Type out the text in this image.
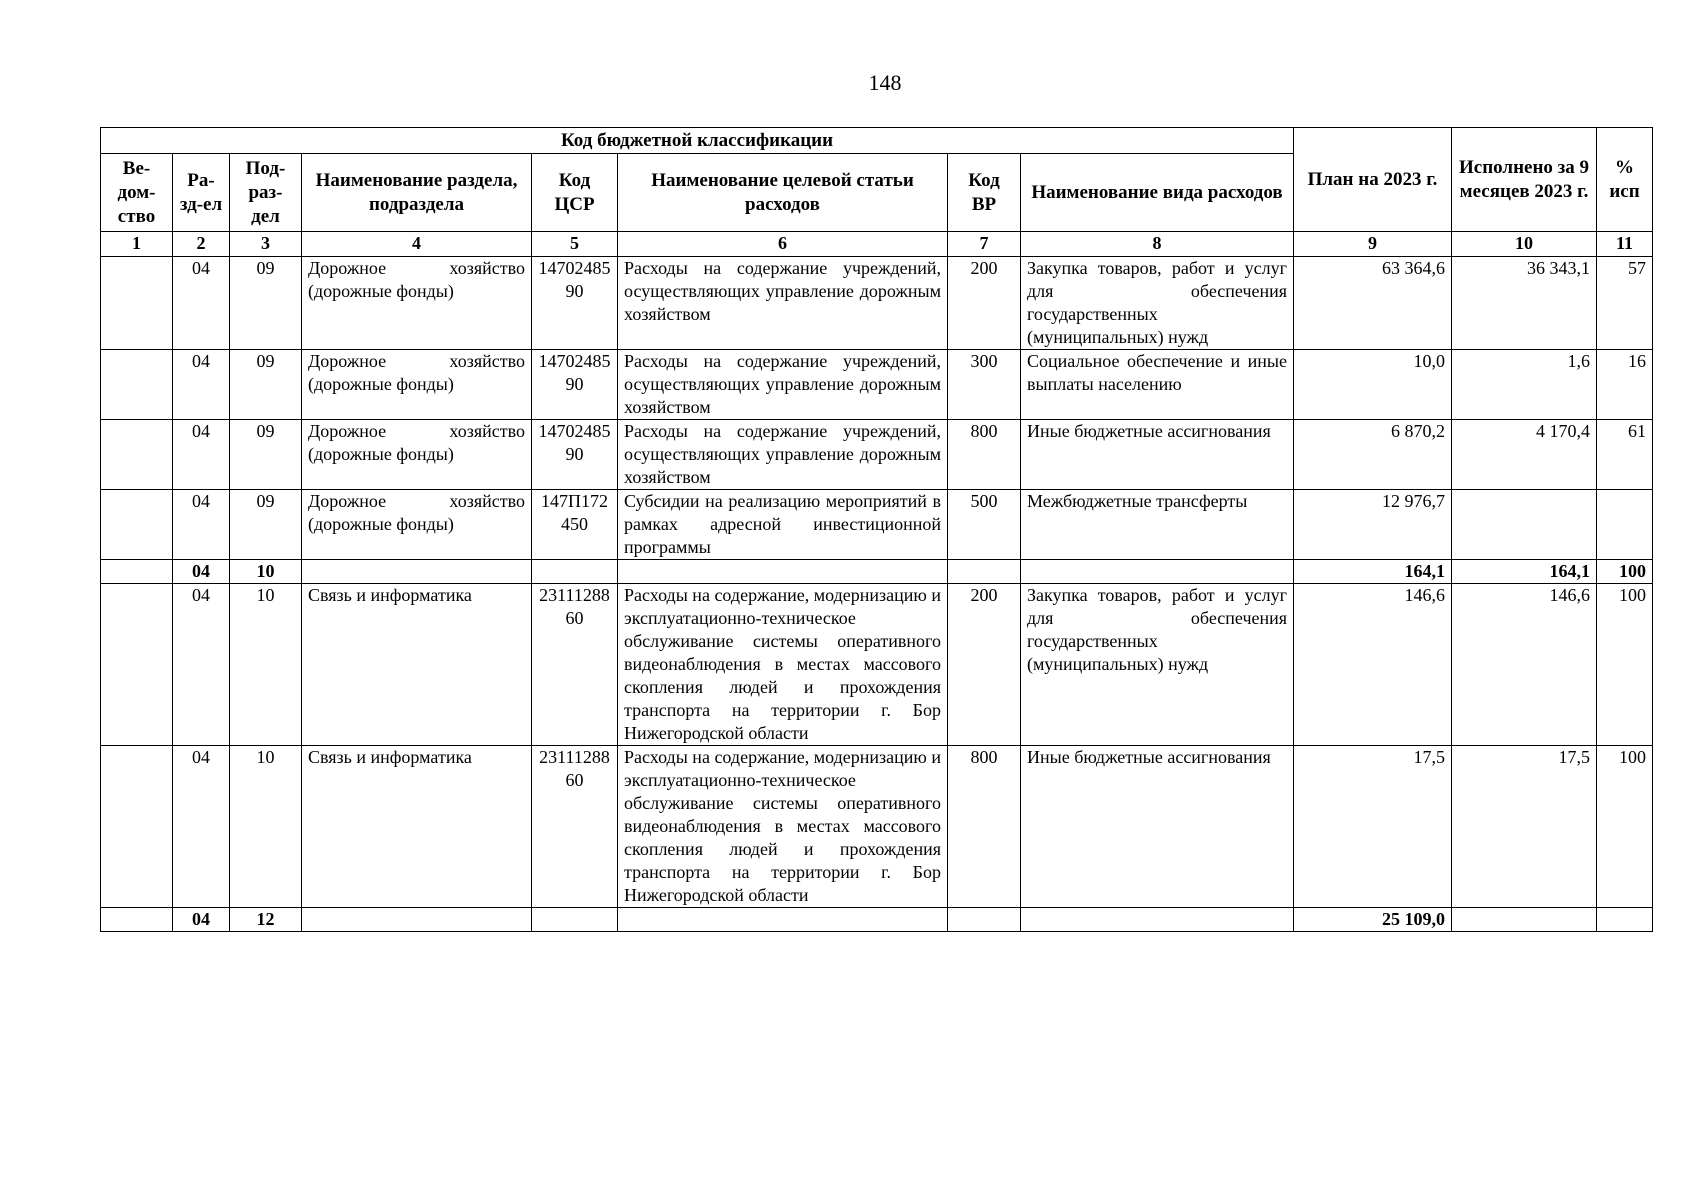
148
Код бюджетной классификации								План на 2023 г.	Исполнено за 9 месяцев 2023 г.	% исп
Ве-дом-ство	Ра-зд-ел	Под-раз-дел	Наименование раздела, подраздела	Код ЦСР	Наименование целевой статьи расходов	Код ВР	Наименование вида расходов			
1	2	3	4	5	6	7	8	9	10	11
	04	09	Дорожное хозяйство (дорожные фонды)	1470248590	Расходы на содержание учреждений, осуществляющих управление дорожным хозяйством	200	Закупка товаров, работ и услуг для обеспечения государственных (муниципальных) нужд	63 364,6	36 343,1	57
	04	09	Дорожное хозяйство (дорожные фонды)	1470248590	Расходы на содержание учреждений, осуществляющих управление дорожным хозяйством	300	Социальное обеспечение и иные выплаты населению	10,0	1,6	16
	04	09	Дорожное хозяйство (дорожные фонды)	1470248590	Расходы на содержание учреждений, осуществляющих управление дорожным хозяйством	800	Иные бюджетные ассигнования	6 870,2	4 170,4	61
	04	09	Дорожное хозяйство (дорожные фонды)	147П172450	Субсидии на реализацию мероприятий в рамках адресной инвестиционной программы	500	Межбюджетные трансферты	12 976,7		
	04	10						164,1	164,1	100
	04	10	Связь и информатика	2311128860	Расходы на содержание, модернизацию и эксплуатационно-техническое обслуживание системы оперативного видеонаблюдения в местах массового скопления людей и прохождения транспорта на территории г. Бор Нижегородской области	200	Закупка товаров, работ и услуг для обеспечения государственных (муниципальных) нужд	146,6	146,6	100
	04	10	Связь и информатика	2311128860	Расходы на содержание, модернизацию и эксплуатационно-техническое обслуживание системы оперативного видеонаблюдения в местах массового скопления людей и прохождения транспорта на территории г. Бор Нижегородской области	800	Иные бюджетные ассигнования	17,5	17,5	100
	04	12						25 109,0		
